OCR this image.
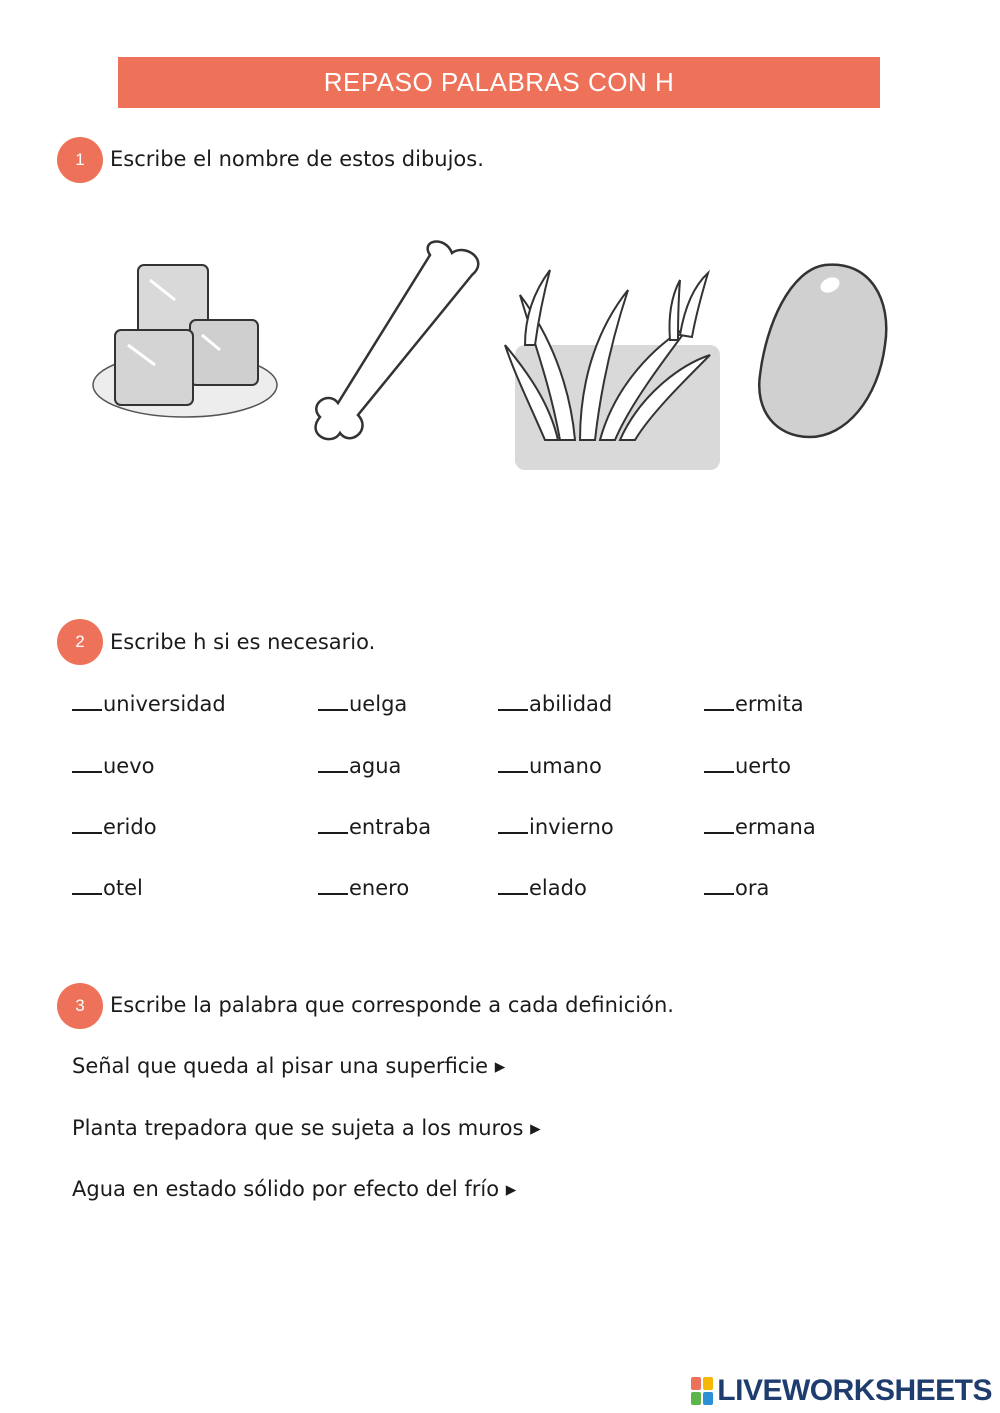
REPASO PALABRAS CON H
1	Escribe el nombre de estos dibujos.
2	Escribe h si es necesario.
universidad	uelga	abilidad	ermita
uevo	agua	umano	uerto
erido	entraba	invierno	ermana
otel	enero	elado	ora
3	Escribe la palabra que corresponde a cada definición.
Señal que queda al pisar una superficie ▸
Planta trepadora que se sujeta a los muros ▸
Agua en estado sólido por efecto del frío ▸
LIVEWORKSHEETS
